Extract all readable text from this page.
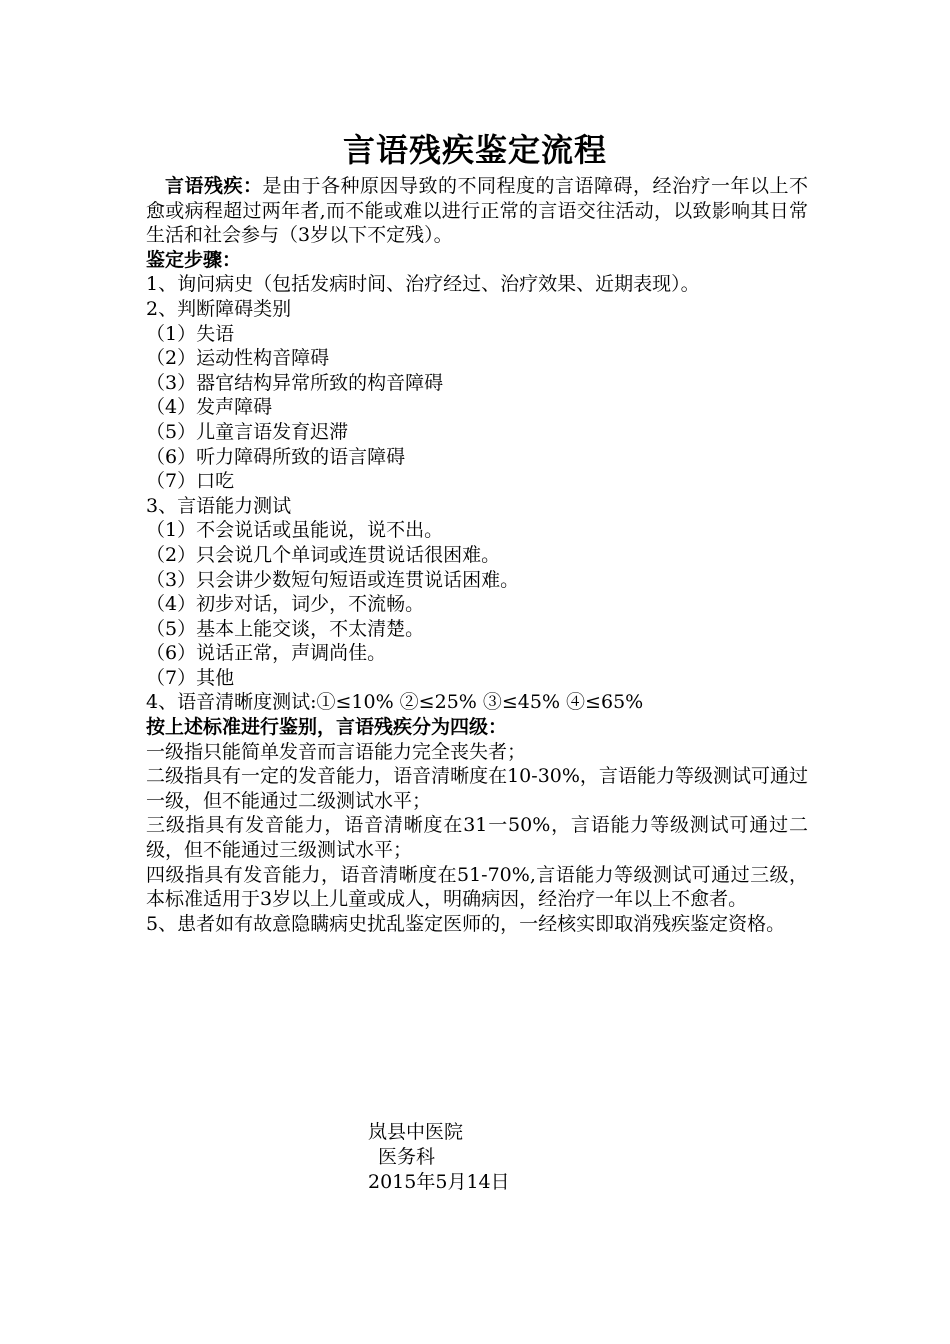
言语残疾鉴定流程

言语残疾：是由于各种原因导致的不同程度的言语障碍，经治疗一年以上不愈或病程超过两年者,而不能或难以进行正常的言语交往活动，以致影响其日常生活和社会参与（3岁以下不定残）。

鉴定步骤：

1、询问病史（包括发病时间、治疗经过、治疗效果、近期表现）。

2、判断障碍类别

（1）失语

（2）运动性构音障碍

（3）器官结构异常所致的构音障碍

（4）发声障碍

（5）儿童言语发育迟滞

（6）听力障碍所致的语言障碍

（7）口吃

3、言语能力测试

（1）不会说话或虽能说，说不出。

（2）只会说几个单词或连贯说话很困难。

（3）只会讲少数短句短语或连贯说话困难。

（4）初步对话，词少，不流畅。

（5）基本上能交谈，不太清楚。

（6）说话正常，声调尚佳。

（7）其他

4、语音清晰度测试:①≤10% ②≤25% ③≤45% ④≤65%

按上述标准进行鉴别，言语残疾分为四级：

一级指只能简单发音而言语能力完全丧失者；

二级指具有一定的发音能力，语音清晰度在10-30%，言语能力等级测试可通过一级，但不能通过二级测试水平；

三级指具有发音能力，语音清晰度在31一50%，言语能力等级测试可通过二级，但不能通过三级测试水平；

四级指具有发音能力，语音清晰度在51-70%,言语能力等级测试可通过三级， 本标准适用于3岁以上儿童或成人，明确病因，经治疗一年以上不愈者。

5、患者如有故意隐瞒病史扰乱鉴定医师的，一经核实即取消残疾鉴定资格。

岚县中医院
医务科
2015年5月14日
